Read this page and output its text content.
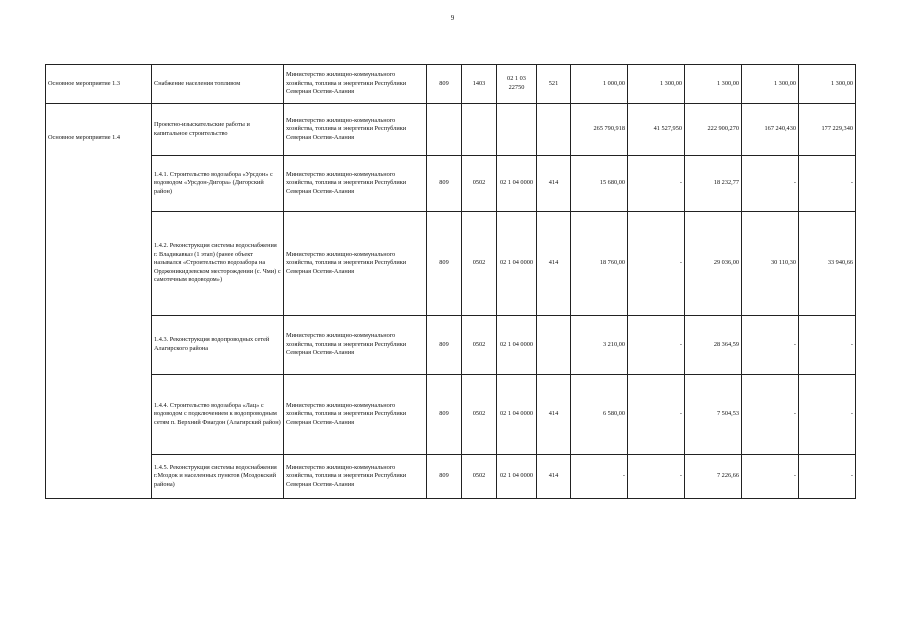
9
Основное мероприятие 1.3	Снабжение населения топливом	Министерство жилищно-коммунального хозяйства, топлива и энергетики Республики Северная Осетия-Алания	809	1403	02 1 03 22750	521	1 000,00	1 300,00	1 300,00	1 300,00	1 300,00
Основное мероприятие 1.4	Проектно-изыскательские работы и капитальное строительство	Министерство жилищно-коммунального хозяйства, топлива и энергетики Республики Северная Осетия-Алания					265 790,918	41 527,950	222 900,270	167 240,430	177 229,340
	1.4.1. Строительство водозабора «Урсдон» с водоводом «Урсдон-Дигора» (Дигорский район)	Министерство жилищно-коммунального хозяйства, топлива и энергетики Республики Северная Осетия-Алания	809	0502	02 1 04 0000	414	15 680,00	-	18 232,77	-	-
	1.4.2. Реконструкция системы водоснабжения г. Владикавказ (1 этап) (ранее объект назывался «Строительство водозабора на Орджоникидзевском месторождении (с. Чми) с самотечным водоводом»)	Министерство жилищно-коммунального хозяйства, топлива и энергетики Республики Северная Осетия-Алания	809	0502	02 1 04 0000	414	18 760,00	-	29 036,00	30 110,30	33 940,66
	1.4.3. Реконструкция водопроводных сетей Алагирского района	Министерство жилищно-коммунального хозяйства, топлива и энергетики Республики Северная Осетия-Алания	809	0502	02 1 04 0000		3 210,00	-	28 364,59	-	-
	1.4.4. Строительство водозабора «Лац» с водоводом с подключением к водопроводным сетям п. Верхний Фиагдон (Алагирский район)	Министерство жилищно-коммунального хозяйства, топлива и энергетики Республики Северная Осетия-Алания	809	0502	02 1 04 0000	414	6 580,00	-	7 504,53	-	-
	1.4.5. Реконструкция системы водоснабжения г.Моздок и населенных пунктов (Моздокский района)	Министерство жилищно-коммунального хозяйства, топлива и энергетики Республики Северная Осетия-Алания	809	0502	02 1 04 0000	414	-	-	7 226,66	-	-
